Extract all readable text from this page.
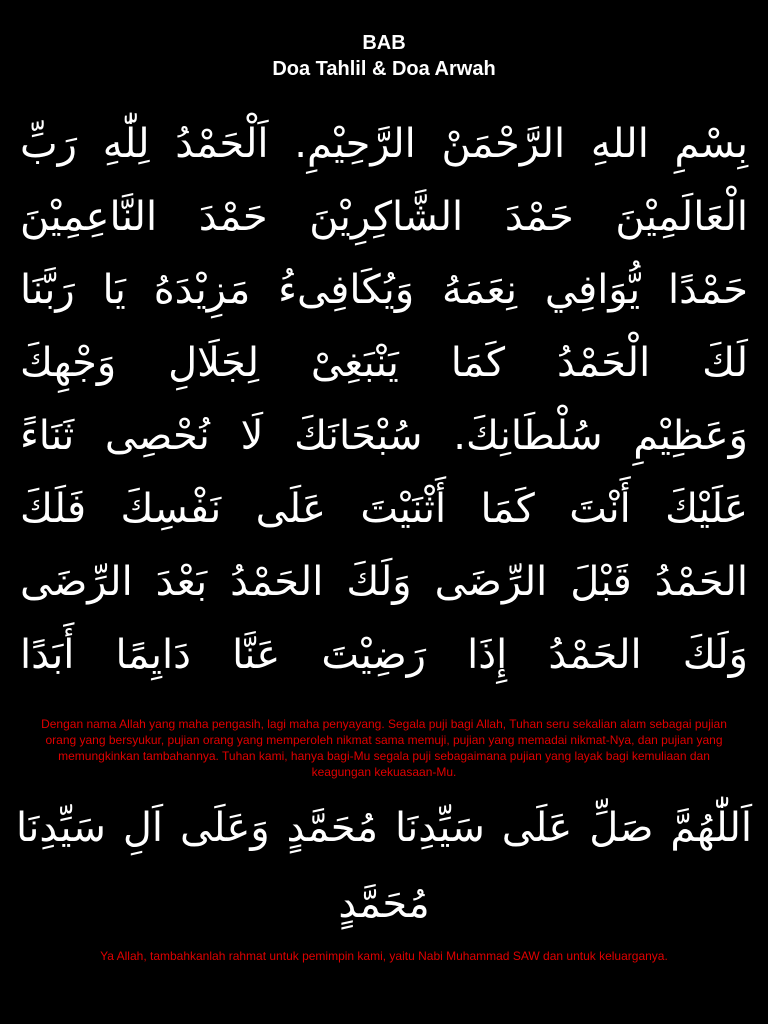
BAB
Doa Tahlil & Doa Arwah
بِسْمِ اللهِ الرَّحْمَنْ الرَّحِيْمِ. اَلْحَمْدُ لِلّٰهِ رَبِّ
الْعَالَمِيْنَ حَمْدَ الشَّاكِرِيْنَ حَمْدَ النَّاعِمِيْنَ
حَمْدًا يُّوَافِي نِعَمَهُ وَيُكَافِىءُ مَزِيْدَهُ يَا رَبَّنَا
لَكَ الْحَمْدُ كَمَا يَنْبَغِىْ لِجَلَالِ وَجْهِكَ
وَعَظِيْمِ سُلْطَانِكَ. سُبْحَانَكَ لَا نُحْصِى ثَنَاءً
عَلَيْكَ أَنْتَ كَمَا أَثْنَيْتَ عَلَى نَفْسِكَ فَلَكَ
الحَمْدُ قَبْلَ الرِّضَى وَلَكَ الحَمْدُ بَعْدَ الرِّضَى
وَلَكَ الحَمْدُ إِذَا رَضِيْتَ عَنَّا دَايِمًا أَبَدًا
Dengan nama Allah yang maha pengasih, lagi maha penyayang. Segala puji bagi Allah, Tuhan seru sekalian alam sebagai pujian orang yang bersyukur, pujian orang yang memperoleh nikmat sama memuji, pujian yang memadai nikmat-Nya, dan pujian yang memungkinkan tambahannya. Tuhan kami, hanya bagi-Mu segala puji sebagaimana pujian yang layak bagi kemuliaan dan keagungan kekuasaan-Mu.
اَللّٰهُمَّ صَلِّ عَلَى سَيِّدِنَا مُحَمَّدٍ وَعَلَى اَلِ سَيِّدِنَا
مُحَمَّدٍ
Ya Allah, tambahkanlah rahmat untuk pemimpin kami, yaitu Nabi Muhammad SAW dan untuk keluarganya.
